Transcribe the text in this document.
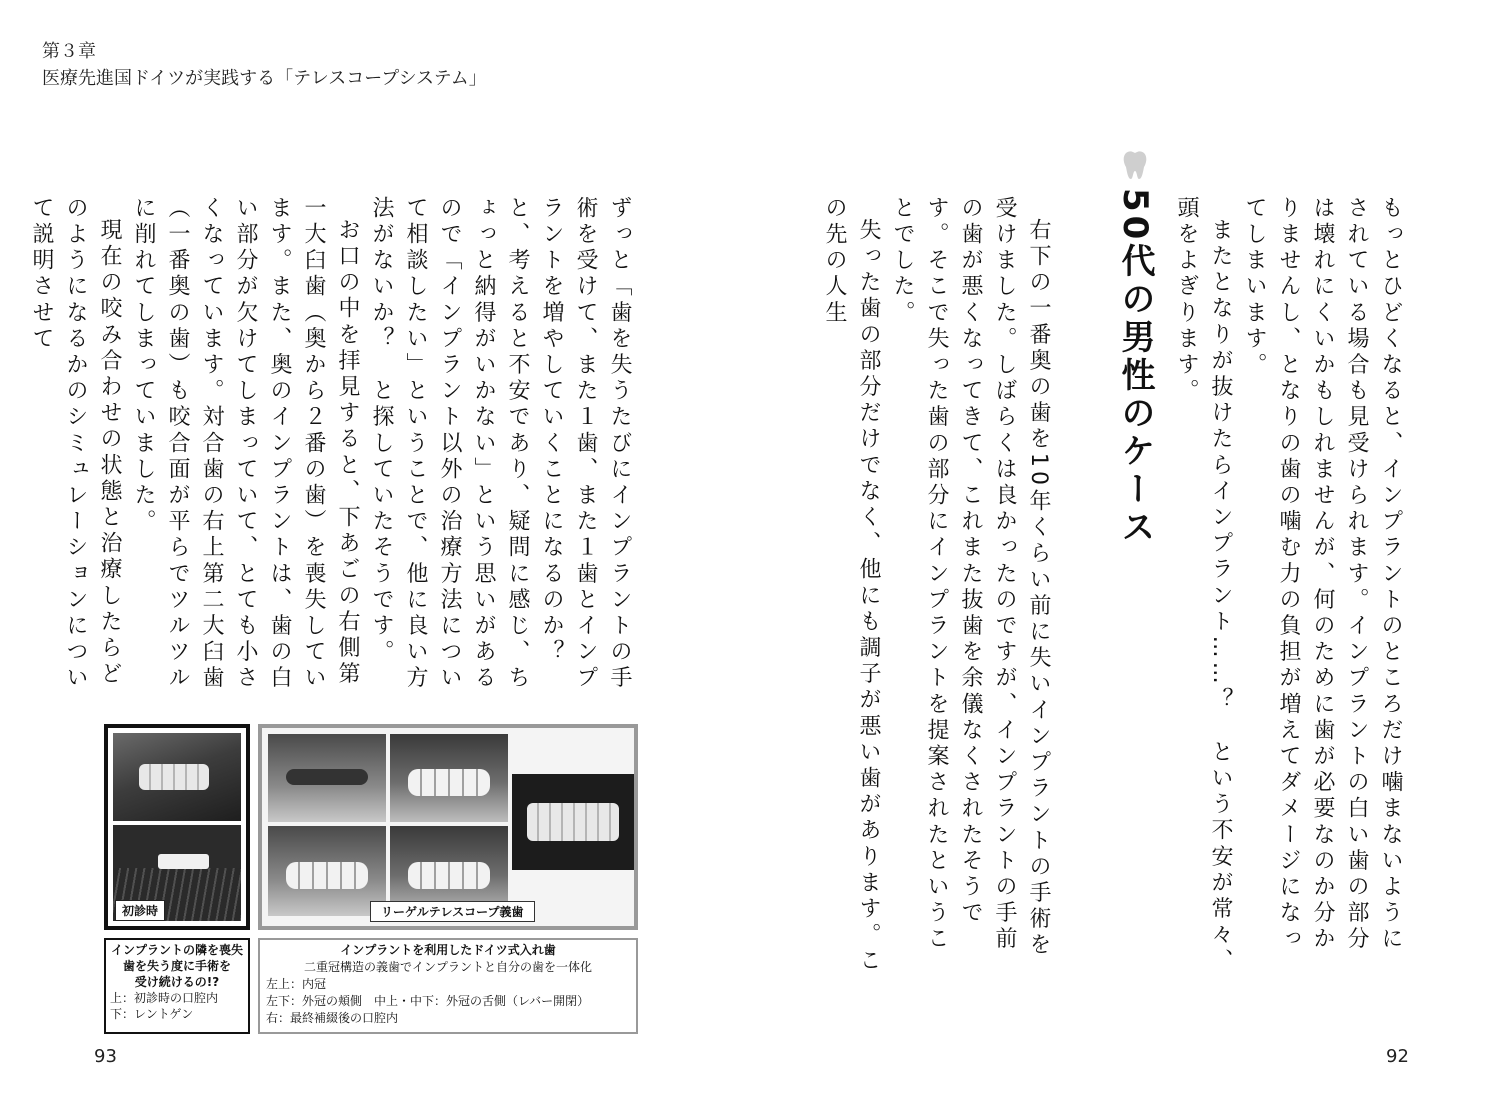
第３章
医療先進国ドイツが実践する「テレスコープシステム」

もっとひどくなると、インプラントのところだけ噛まないようにされている場合も見受けられます。インプラントの白い歯の部分は壊れにくいかもしれませんが、何のために歯が必要なのか分かりませんし、となりの歯の噛む力の負担が増えてダメージになってしまいます。

またとなりが抜けたらインプラント……？　という不安が常々、頭をよぎります。

50代の男性のケース

右下の一番奥の歯を10年くらい前に失いインプラントの手術を受けました。しばらくは良かったのですが、インプラントの手前の歯が悪くなってきて、これまた抜歯を余儀なくされたそうです。そこで失った歯の部分にインプラントを提案されたということでした。

失った歯の部分だけでなく、他にも調子が悪い歯があります。この先の人生

ずっと「歯を失うたびにインプラントの手術を受けて、また１歯、また１歯とインプラントを増やしていくことになるのか？　と、考えると不安であり、疑問に感じ、ちょっと納得がいかない」という思いがあるので「インプラント以外の治療方法について相談したい」ということで、他に良い方法がないか？　と探していたそうです。

お口の中を拝見すると、下あごの右側第一大臼歯（奥から２番の歯）を喪失しています。また、奥のインプラントは、歯の白い部分が欠けてしまっていて、とても小さくなっています。対合歯の右上第二大臼歯（一番奥の歯）も咬合面が平らでツルツルに削れてしまっていました。

現在の咬み合わせの状態と治療したらどのようになるかのシミュレーションについて説明させて

初診時	リーゲルテレスコープ義歯
インプラントの隣を喪失
歯を失う度に手術を
受け続けるの!?
上：初診時の口腔内
下：レントゲン
インプラントを利用したドイツ式入れ歯
二重冠構造の義歯でインプラントと自分の歯を一体化
左上：内冠
左下：外冠の頬側　中上・中下：外冠の舌側（レバー開閉）
右：最終補綴後の口腔内
93	92
